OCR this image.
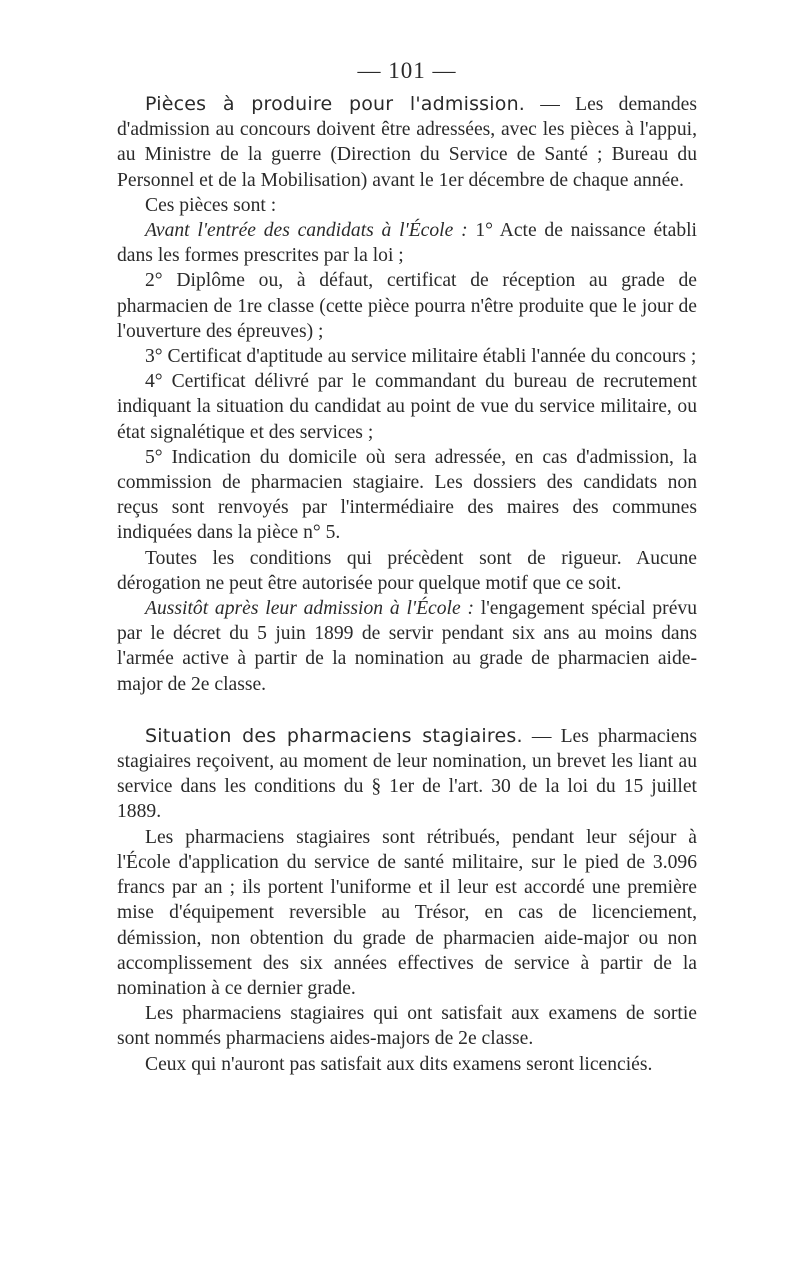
— 101 —

Pièces à produire pour l'admission. — Les demandes d'admission au concours doivent être adressées, avec les pièces à l'appui, au Ministre de la guerre (Direction du Service de Santé ; Bureau du Personnel et de la Mobilisation) avant le 1er décembre de chaque année.

Ces pièces sont :

Avant l'entrée des candidats à l'École : 1° Acte de naissance établi dans les formes prescrites par la loi ;

2° Diplôme ou, à défaut, certificat de réception au grade de pharmacien de 1re classe (cette pièce pourra n'être produite que le jour de l'ouverture des épreuves) ;

3° Certificat d'aptitude au service militaire établi l'année du concours ;

4° Certificat délivré par le commandant du bureau de recrutement indiquant la situation du candidat au point de vue du service militaire, ou état signalétique et des services ;

5° Indication du domicile où sera adressée, en cas d'admission, la commission de pharmacien stagiaire. Les dossiers des candidats non reçus sont renvoyés par l'intermédiaire des maires des communes indiquées dans la pièce n° 5.

Toutes les conditions qui précèdent sont de rigueur. Aucune dérogation ne peut être autorisée pour quelque motif que ce soit.

Aussitôt après leur admission à l'École : l'engagement spécial prévu par le décret du 5 juin 1899 de servir pendant six ans au moins dans l'armée active à partir de la nomination au grade de pharmacien aide-major de 2e classe.

Situation des pharmaciens stagiaires. — Les pharmaciens stagiaires reçoivent, au moment de leur nomination, un brevet les liant au service dans les conditions du § 1er de l'art. 30 de la loi du 15 juillet 1889.

Les pharmaciens stagiaires sont rétribués, pendant leur séjour à l'École d'application du service de santé militaire, sur le pied de 3.096 francs par an ; ils portent l'uniforme et il leur est accordé une première mise d'équipement reversible au Trésor, en cas de licenciement, démission, non obtention du grade de pharmacien aide-major ou non accomplissement des six années effectives de service à partir de la nomination à ce dernier grade.

Les pharmaciens stagiaires qui ont satisfait aux examens de sortie sont nommés pharmaciens aides-majors de 2e classe.

Ceux qui n'auront pas satisfait aux dits examens seront licenciés.
